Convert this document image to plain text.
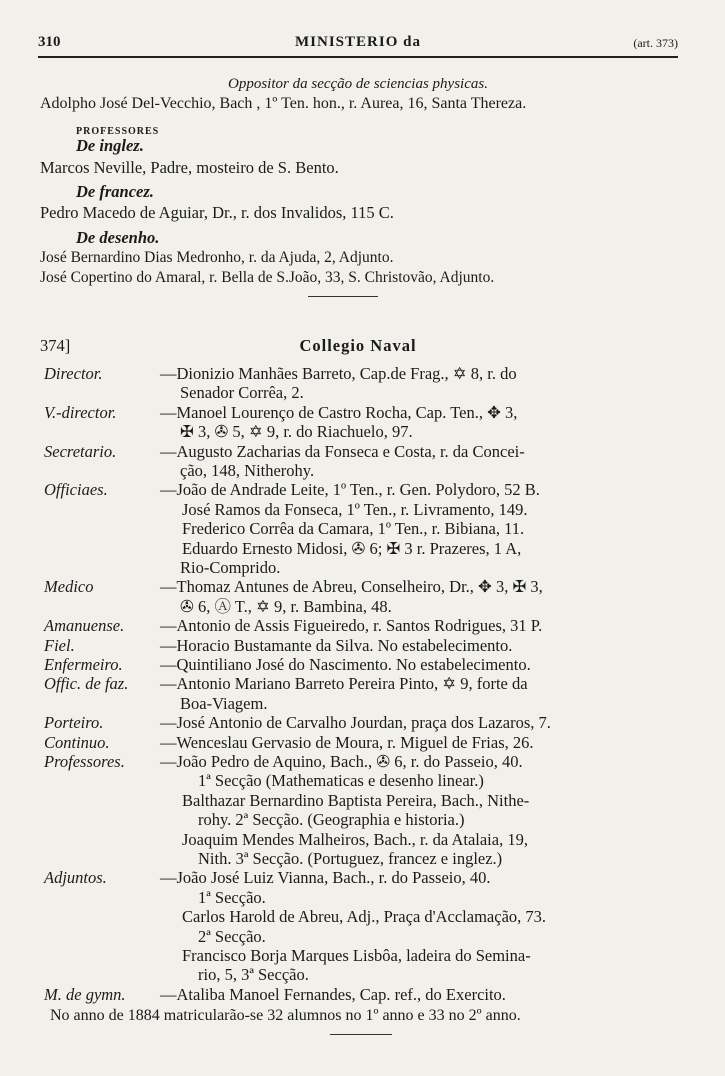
310	MINISTERIO da	(art. 373)
Oppositor da secção de sciencias physicas.
Adolpho José Del-Vecchio, Bach , 1º Ten. hon., r. Aurea, 16, Santa Thereza.
PROFESSORES
De inglez.
Marcos Neville, Padre, mosteiro de S. Bento.
De francez.
Pedro Macedo de Aguiar, Dr., r. dos Invalidos, 115 C.
De desenho.
José Bernardino Dias Medronho, r. da Ajuda, 2, Adjunto.
José Copertino do Amaral, r. Bella de S.João, 33, S. Christovão, Adjunto.
374]	Collegio Naval
Director.	—Dionizio Manhães Barreto, Cap.de Frag., ✡ 8, r. do
Senador Corrêa, 2.
V.-director.	—Manoel Lourenço de Castro Rocha, Cap. Ten., ✥ 3,
✠ 3, ✇ 5, ✡ 9, r. do Riachuelo, 97.
Secretario.	—Augusto Zacharias da Fonseca e Costa, r. da Concei-
ção, 148, Nitherohy.
Officiaes.	—João de Andrade Leite, 1º Ten., r. Gen. Polydoro, 52 B.
José Ramos da Fonseca, 1º Ten., r. Livramento, 149.
Frederico Corrêa da Camara, 1º Ten., r. Bibiana, 11.
Eduardo Ernesto Midosi, ✇ 6; ✠ 3 r. Prazeres, 1 A,
Rio-Comprido.
Medico	—Thomaz Antunes de Abreu, Conselheiro, Dr., ✥ 3, ✠ 3,
✇ 6, Ⓐ T., ✡ 9, r. Bambina, 48.
Amanuense. —Antonio de Assis Figueiredo, r. Santos Rodrigues, 31 P.
Fiel.	—Horacio Bustamante da Silva. No estabelecimento.
Enfermeiro. —Quintiliano José do Nascimento. No estabelecimento.
Offic. de faz. —Antonio Mariano Barreto Pereira Pinto, ✡ 9, forte da
Boa-Viagem.
Porteiro.	—José Antonio de Carvalho Jourdan, praça dos Lazaros, 7.
Continuo.	—Wenceslau Gervasio de Moura, r. Miguel de Frias, 26.
Professores. —João Pedro de Aquino, Bach., ✇ 6, r. do Passeio, 40.
1ª Secção (Mathematicas e desenho linear.)
Balthazar Bernardino Baptista Pereira, Bach., Nithe-
rohy. 2ª Secção. (Geographia e historia.)
Joaquim Mendes Malheiros, Bach., r. da Atalaia, 19,
Nith. 3ª Secção. (Portuguez, francez e inglez.)
Adjuntos.	—João José Luiz Vianna, Bach., r. do Passeio, 40.
1ª Secção.
Carlos Harold de Abreu, Adj., Praça d'Acclamação, 73.
2ª Secção.
Francisco Borja Marques Lisbôa, ladeira do Semina-
rio, 5, 3ª Secção.
M. de gymn. —Ataliba Manoel Fernandes, Cap. ref., do Exercito.
No anno de 1884 matricularão-se 32 alumnos no 1º anno e 33 no 2º anno.
